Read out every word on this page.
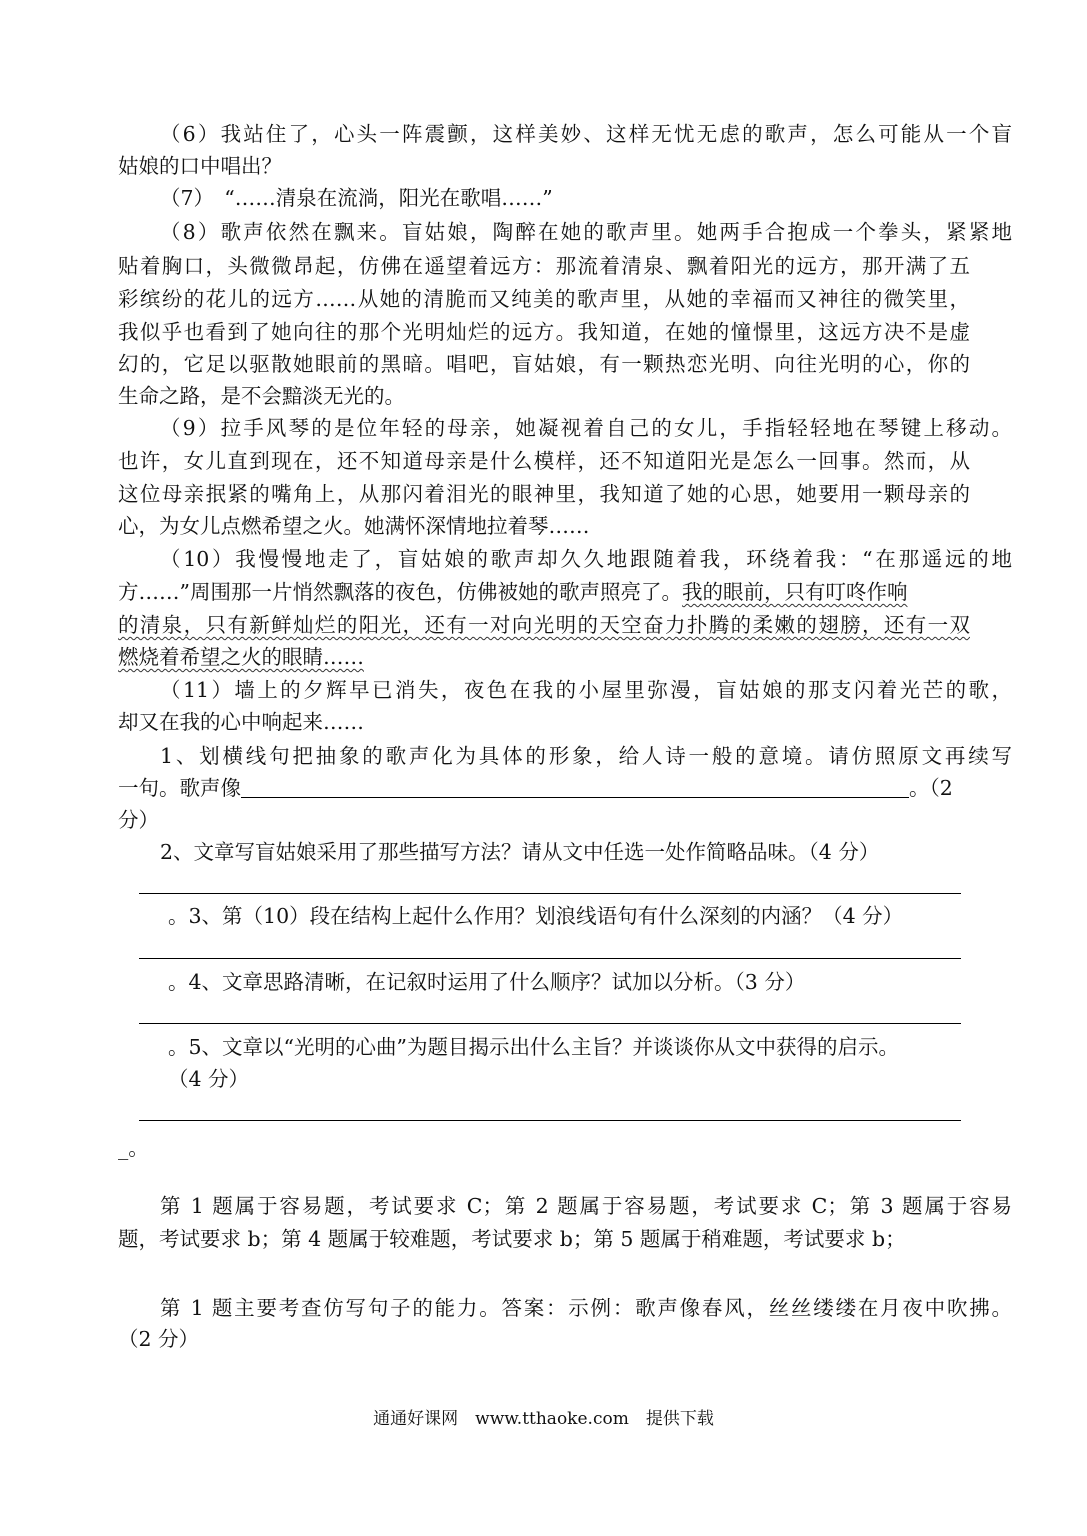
（6）我站住了，心头一阵震颤，这样美妙、这样无忧无虑的歌声，怎么可能从一个盲
姑娘的口中唱出？
（7）　“……清泉在流淌，阳光在歌唱……”
（8）歌声依然在飘来。盲姑娘，陶醉在她的歌声里。她两手合抱成一个拳头，紧紧地
贴着胸口，头微微昂起，仿佛在遥望着远方：那流着清泉、飘着阳光的远方，那开满了五
彩缤纷的花儿的远方……从她的清脆而又纯美的歌声里，从她的幸福而又神往的微笑里，
我似乎也看到了她向往的那个光明灿烂的远方。我知道，在她的憧憬里，这远方决不是虚
幻的，它足以驱散她眼前的黑暗。唱吧，盲姑娘，有一颗热恋光明、向往光明的心，你的
生命之路，是不会黯淡无光的。
（9）拉手风琴的是位年轻的母亲，她凝视着自己的女儿，手指轻轻地在琴键上移动。
也许，女儿直到现在，还不知道母亲是什么模样，还不知道阳光是怎么一回事。然而，从
这位母亲抿紧的嘴角上，从那闪着泪光的眼神里，我知道了她的心思，她要用一颗母亲的
心，为女儿点燃希望之火。她满怀深情地拉着琴……
（10）我慢慢地走了，盲姑娘的歌声却久久地跟随着我，环绕着我：“在那遥远的地
方……”周围那一片悄然飘落的夜色，仿佛被她的歌声照亮了。我的眼前，只有叮咚作响
的清泉，只有新鲜灿烂的阳光，还有一对向光明的天空奋力扑腾的柔嫩的翅膀，还有一双
燃烧着希望之火的眼睛……
（11）墙上的夕辉早已消失，夜色在我的小屋里弥漫，盲姑娘的那支闪着光芒的歌，
却又在我的心中响起来……
1、划横线句把抽象的歌声化为具体的形象，给人诗一般的意境。请仿照原文再续写
一句。歌声像	。（2
分）
2、文章写盲姑娘采用了那些描写方法？请从文中任选一处作简略品味。（4 分）
。3、第（10）段在结构上起什么作用？划浪线语句有什么深刻的内涵？（4 分）
。4、文章思路清晰，在记叙时运用了什么顺序？试加以分析。（3 分）
。5、文章以“光明的心曲”为题目揭示出什么主旨？并谈谈你从文中获得的启示。
（4 分）
_。
第 1 题属于容易题，考试要求 C；第 2 题属于容易题，考试要求 C；第 3 题属于容易
题，考试要求 b；第 4 题属于较难题，考试要求 b；第 5 题属于稍难题，考试要求 b；
第 1 题主要考查仿写句子的能力。答案：示例：歌声像春风，丝丝缕缕在月夜中吹拂。
（2 分）
通通好课网　www.tthaoke.com　提供下载
